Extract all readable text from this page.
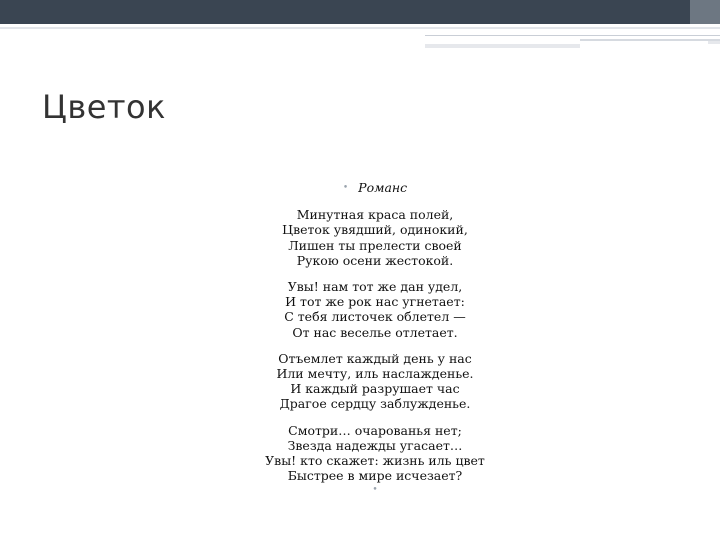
Цветок
• Романс
Минутная краса полей,
Цветок увядший, одинокий,
Лишен ты прелести своей
Рукою осени жестокой.
Увы! нам тот же дан удел,
И тот же рок нас угнетает:
С тебя листочек облетел —
От нас веселье отлетает.
Отъемлет каждый день у нас
Или мечту, иль наслажденье.
И каждый разрушает час
Драгое сердцу заблужденье.
Смотри… очарованья нет;
Звезда надежды угасает…
Увы! кто скажет: жизнь иль цвет
Быстрее в мире исчезает?
•
